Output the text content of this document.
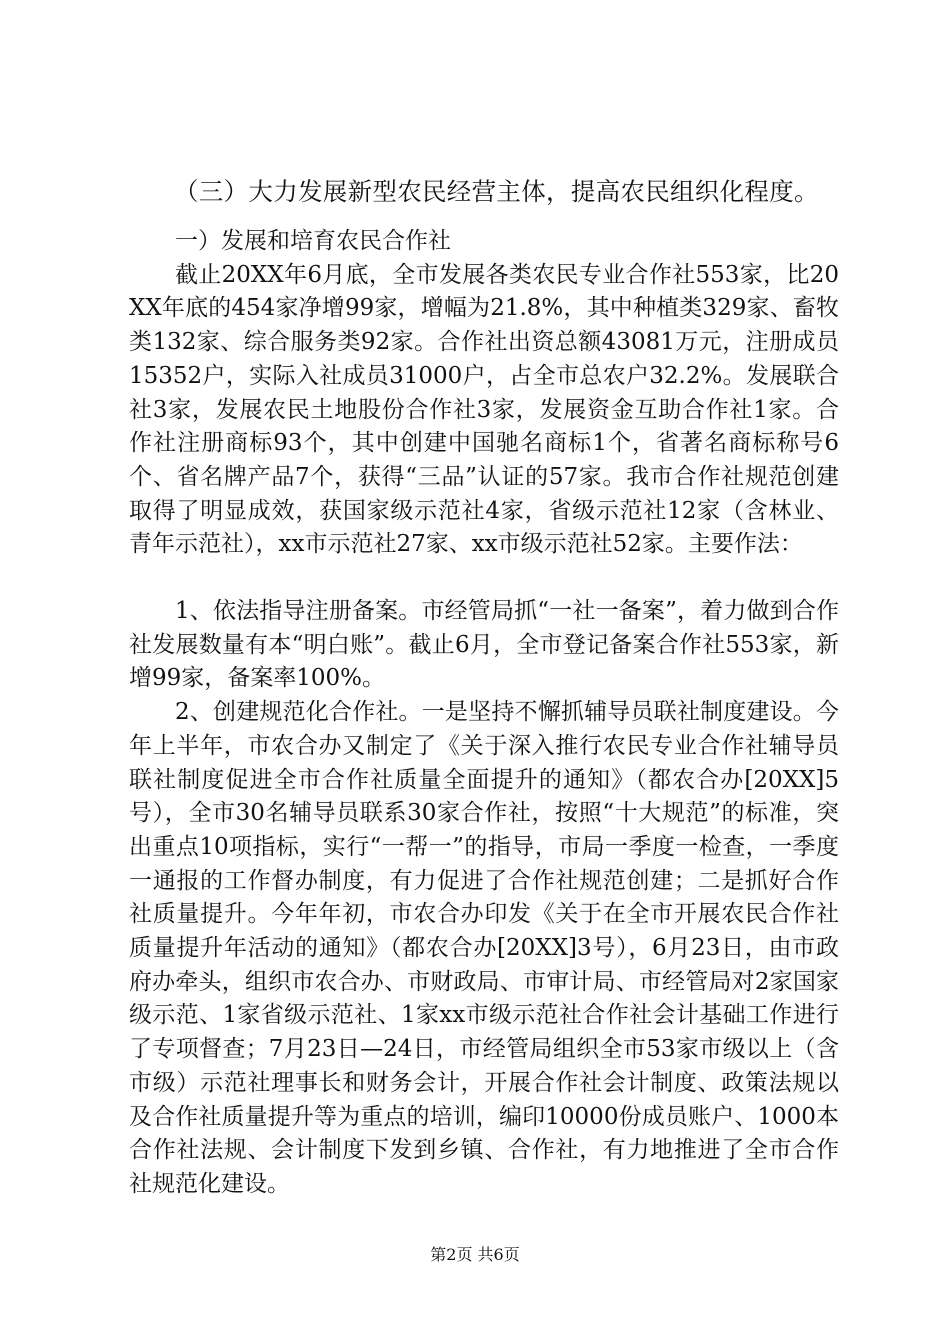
（三）大力发展新型农民经营主体，提高农民组织化程度。

一）发展和培育农民合作社

截止20XX年6月底，全市发展各类农民专业合作社553家，比20XX年底的454家净增99家，增幅为21.8%，其中种植类329家、畜牧类132家、综合服务类92家。合作社出资总额43081万元，注册成员15352户，实际入社成员31000户，占全市总农户32.2%。发展联合社3家，发展农民土地股份合作社3家，发展资金互助合作社1家。合作社注册商标93个，其中创建中国驰名商标1个，省著名商标称号6个、省名牌产品7个，获得“三品”认证的57家。我市合作社规范创建取得了明显成效，获国家级示范社4家，省级示范社12家（含林业、青年示范社），xx市示范社27家、xx市级示范社52家。主要作法：

1、依法指导注册备案。市经管局抓“一社一备案”，着力做到合作社发展数量有本“明白账”。截止6月，全市登记备案合作社553家，新增99家，备案率100%。

2、创建规范化合作社。一是坚持不懈抓辅导员联社制度建设。今年上半年，市农合办又制定了《关于深入推行农民专业合作社辅导员联社制度促进全市合作社质量全面提升的通知》（都农合办[20XX]5号），全市30名辅导员联系30家合作社，按照“十大规范”的标准，突出重点10项指标，实行“一帮一”的指导，市局一季度一检查，一季度一通报的工作督办制度，有力促进了合作社规范创建；二是抓好合作社质量提升。今年年初，市农合办印发《关于在全市开展农民合作社质量提升年活动的通知》（都农合办[20XX]3号），6月23日，由市政府办牵头，组织市农合办、市财政局、市审计局、市经管局对2家国家级示范、1家省级示范社、1家xx市级示范社合作社会计基础工作进行了专项督查；7月23日—24日，市经管局组织全市53家市级以上（含市级）示范社理事长和财务会计，开展合作社会计制度、政策法规以及合作社质量提升等为重点的培训，编印10000份成员账户、1000本合作社法规、会计制度下发到乡镇、合作社，有力地推进了全市合作社规范化建设。

第2页 共6页
